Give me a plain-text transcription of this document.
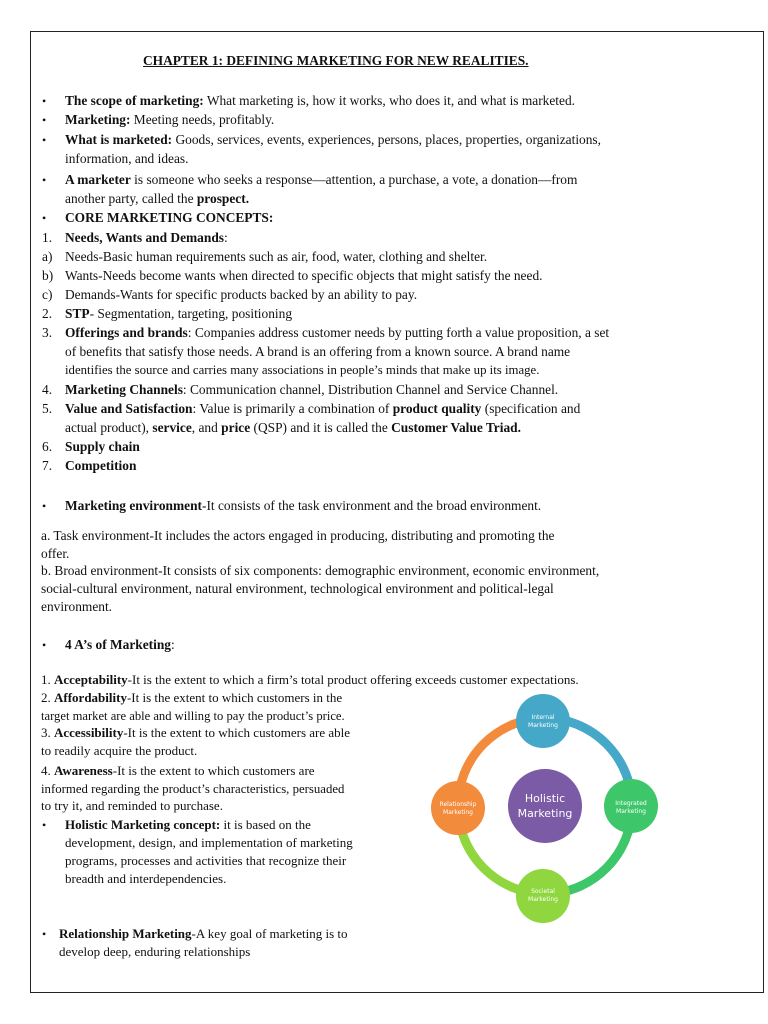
CHAPTER 1: DEFINING MARKETING FOR NEW REALITIES.
• The scope of marketing: What marketing is, how it works, who does it, and what is marketed.
• Marketing: Meeting needs, profitably.
• What is marketed: Goods, services, events, experiences, persons, places, properties, organizations,
information, and ideas.
• A marketer is someone who seeks a response—attention, a purchase, a vote, a donation—from
another party, called the prospect.
• CORE MARKETING CONCEPTS:
1. Needs, Wants and Demands:
a) Needs-Basic human requirements such as air, food, water, clothing and shelter.
b) Wants-Needs become wants when directed to specific objects that might satisfy the need.
c) Demands-Wants for specific products backed by an ability to pay.
2. STP- Segmentation, targeting, positioning
3. Offerings and brands: Companies address customer needs by putting forth a value proposition, a set
of benefits that satisfy those needs. A brand is an offering from a known source. A brand name
identifies the source and carries many associations in people’s minds that make up its image.
4. Marketing Channels: Communication channel, Distribution Channel and Service Channel.
5. Value and Satisfaction: Value is primarily a combination of product quality (specification and
actual product), service, and price (QSP) and it is called the Customer Value Triad.
6. Supply chain
7. Competition
• Marketing environment-It consists of the task environment and the broad environment.
a. Task environment-It includes the actors engaged in producing, distributing and promoting the
offer.
b. Broad environment-It consists of six components: demographic environment, economic environment,
social-cultural environment, natural environment, technological environment and political-legal
environment.
• 4 A’s of Marketing:
1. Acceptability-It is the extent to which a firm’s total product offering exceeds customer expectations.
2. Affordability-It is the extent to which customers in the
target market are able and willing to pay the product’s price.
3. Accessibility-It is the extent to which customers are able
to readily acquire the product.
4. Awareness-It is the extent to which customers are
informed regarding the product’s characteristics, persuaded
to try it, and reminded to purchase.
• Holistic Marketing concept: it is based on the
development, design, and implementation of marketing
programs, processes and activities that recognize their
breadth and interdependencies.
• Relationship Marketing-A key goal of marketing is to
develop deep, enduring relationships
Holistic
Marketing
Internal
Marketing
Integrated
Marketing
Societal
Marketing
Relationship
Marketing
